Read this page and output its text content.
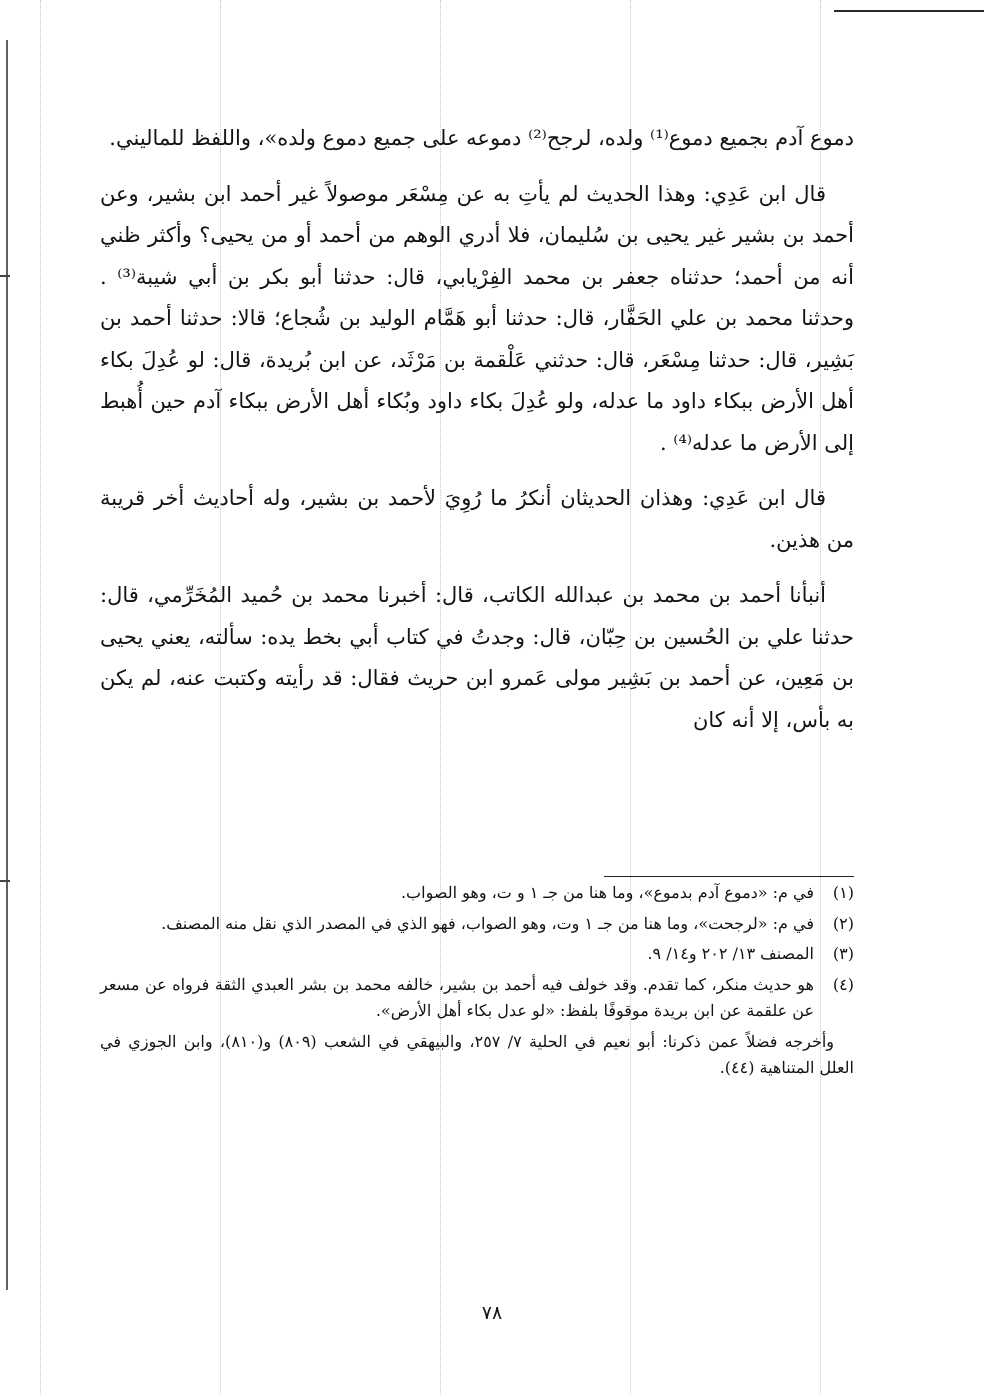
دموع آدم بجميع دموع⁽¹⁾ ولده، لرجح⁽²⁾ دموعه على جميع دموع ولده»، واللفظ للماليني.

قال ابن عَدِي: وهذا الحديث لم يأتِ به عن مِسْعَر موصولاً غير أحمد ابن بشير، وعن أحمد بن بشير غير يحيى بن سُليمان، فلا أدري الوهم من أحمد أو من يحيى؟ وأكثر ظني أنه من أحمد؛ حدثناه جعفر بن محمد الفِرْيابي، قال: حدثنا أبو بكر بن أبي شيبة⁽³⁾ . وحدثنا محمد بن علي الحَفَّار، قال: حدثنا أبو هَمَّام الوليد بن شُجاع؛ قالا: حدثنا أحمد بن بَشِير، قال: حدثنا مِسْعَر، قال: حدثني عَلْقمة بن مَرْثَد، عن ابن بُريدة، قال: لو عُدِلَ بكاء أهل الأرض ببكاء داود ما عدله، ولو عُدِلَ بكاء داود وبُكاء أهل الأرض ببكاء آدم حين أُهبط إلى الأرض ما عدله⁽⁴⁾ .

قال ابن عَدِي: وهذان الحديثان أنكرُ ما رُوِيَ لأحمد بن بشير، وله أحاديث أخر قريبة من هذين.

أنبأنا أحمد بن محمد بن عبدالله الكاتب، قال: أخبرنا محمد بن حُميد المُخَرِّمي، قال: حدثنا علي بن الحُسين بن حِبّان، قال: وجدتُ في كتاب أبي بخط يده: سألته، يعني يحيى بن مَعِين، عن أحمد بن بَشِير مولى عَمرو ابن حريث فقال: قد رأيته وكتبت عنه، لم يكن به بأس، إلا أنه كان

(١)
في م: «دموع آدم بدموع»، وما هنا من جـ ١ و ت، وهو الصواب.
(٢)
في م: «لرجحت»، وما هنا من جـ ١ وت، وهو الصواب، فهو الذي في المصدر الذي نقل منه المصنف.
(٣)
المصنف ١٣/ ٢٠٢ و١٤/ ٩.
(٤)
هو حديث منكر، كما تقدم. وقد خولف فيه أحمد بن بشير، خالفه محمد بن بشر العبدي الثقة فرواه عن مسعر عن علقمة عن ابن بريدة موقوفًا بلفظ: «لو عدل بكاء أهل الأرض».

وأخرجه فضلاً عمن ذكرنا: أبو نعيم في الحلية ٧/ ٢٥٧، والبيهقي في الشعب (٨٠٩) و(٨١٠)، وابن الجوزي في العلل المتناهية (٤٤).

٧٨
